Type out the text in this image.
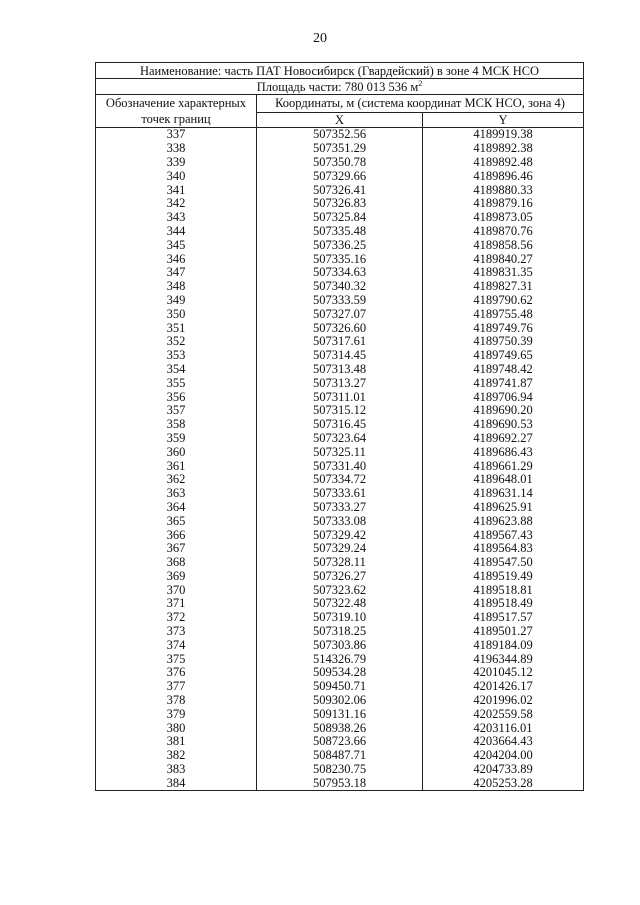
20
Наименование: часть ПАТ Новосибирск (Гвардейский) в зоне 4 МСК НСО		
Площадь части: 780 013 536 $м^2$
Обозначение характерных точек границ	Координаты, м (система координат МСК НСО, зона 4)	
	X	Y
337	507352.56	4189919.38
338	507351.29	4189892.38
339	507350.78	4189892.48
340	507329.66	4189896.46
341	507326.41	4189880.33
342	507326.83	4189879.16
343	507325.84	4189873.05
344	507335.48	4189870.76
345	507336.25	4189858.56
346	507335.16	4189840.27
347	507334.63	4189831.35
348	507340.32	4189827.31
349	507333.59	4189790.62
350	507327.07	4189755.48
351	507326.60	4189749.76
352	507317.61	4189750.39
353	507314.45	4189749.65
354	507313.48	4189748.42
355	507313.27	4189741.87
356	507311.01	4189706.94
357	507315.12	4189690.20
358	507316.45	4189690.53
359	507323.64	4189692.27
360	507325.11	4189686.43
361	507331.40	4189661.29
362	507334.72	4189648.01
363	507333.61	4189631.14
364	507333.27	4189625.91
365	507333.08	4189623.88
366	507329.42	4189567.43
367	507329.24	4189564.83
368	507328.11	4189547.50
369	507326.27	4189519.49
370	507323.62	4189518.81
371	507322.48	4189518.49
372	507319.10	4189517.57
373	507318.25	4189501.27
374	507303.86	4189184.09
375	514326.79	4196344.89
376	509534.28	4201045.12
377	509450.71	4201426.17
378	509302.06	4201996.02
379	509131.16	4202559.58
380	508938.26	4203116.01
381	508723.66	4203664.43
382	508487.71	4204204.00
383	508230.75	4204733.89
384	507953.18	4205253.28
